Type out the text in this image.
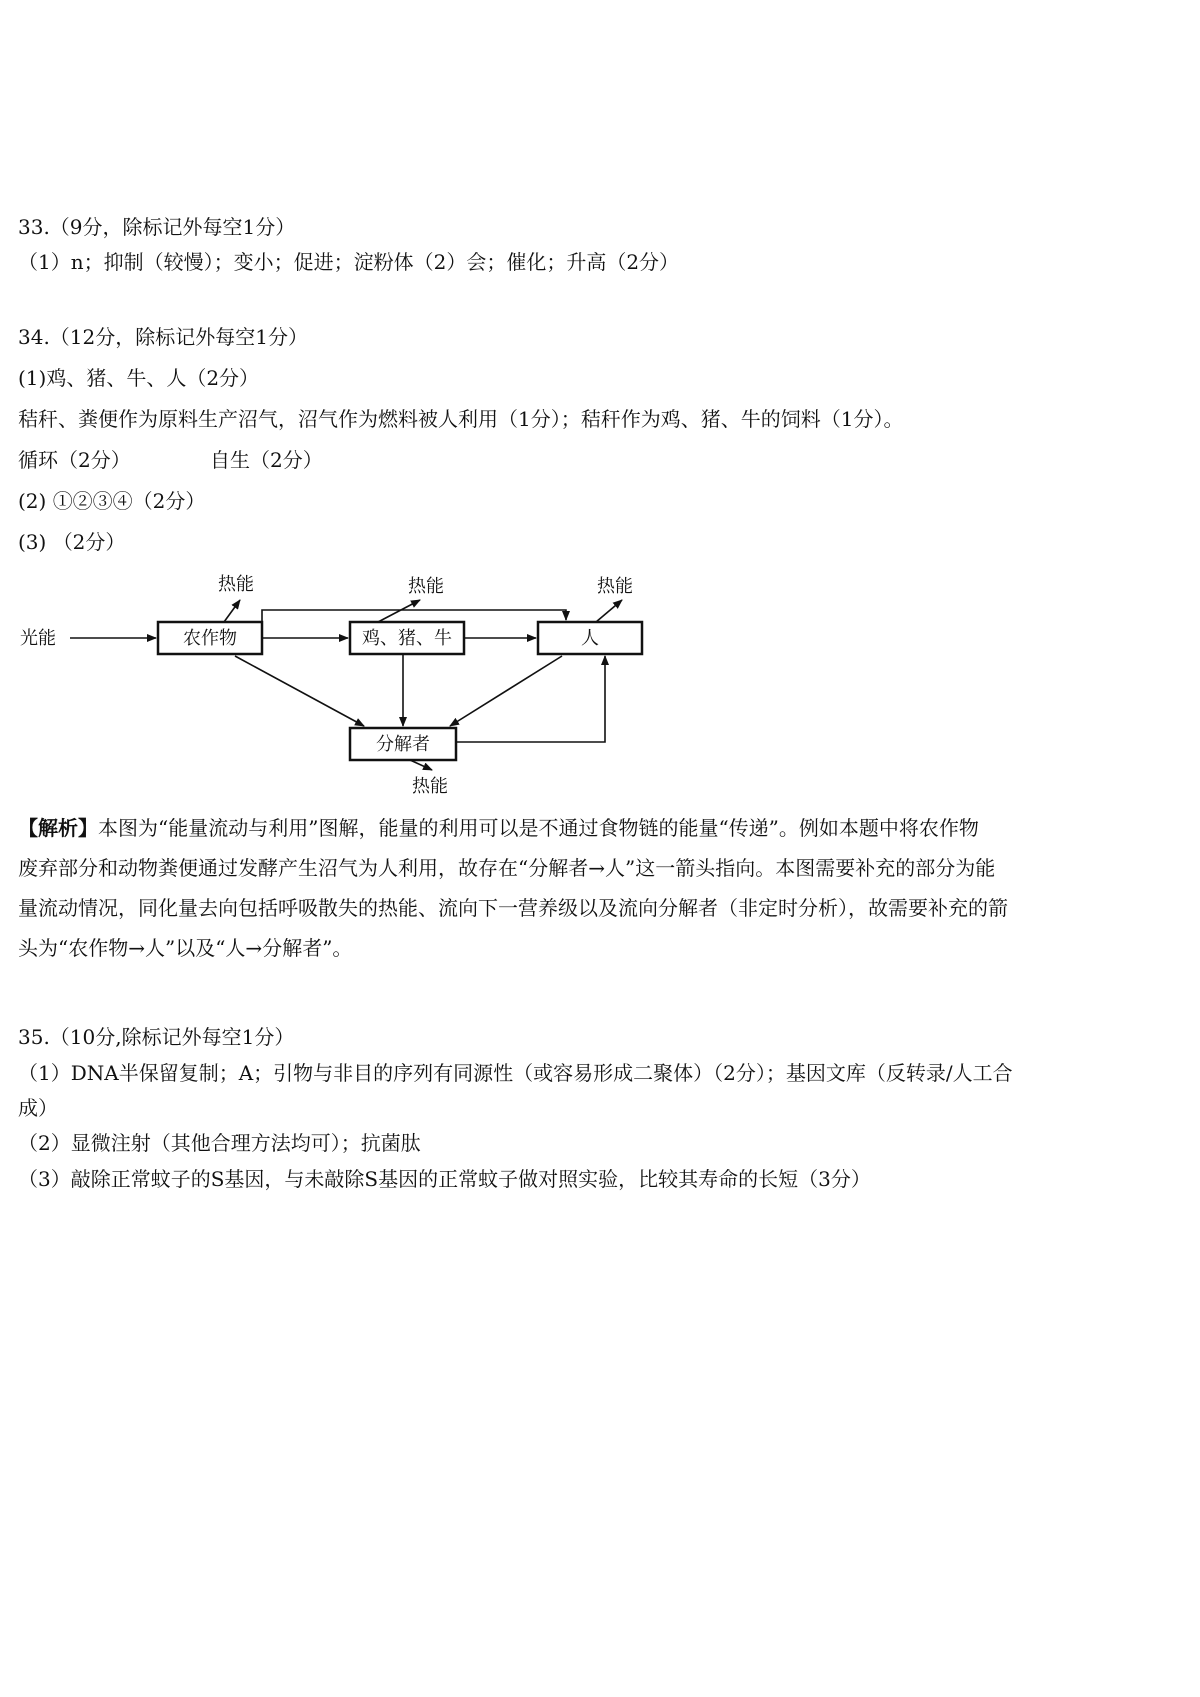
33.（9分，除标记外每空1分）
（1）n；抑制（较慢）；变小；促进；淀粉体（2）会；催化；升高（2分）
34.（12分，除标记外每空1分）
(1)鸡、猪、牛、人（2分）
秸秆、粪便作为原料生产沼气，沼气作为燃料被人利用（1分）；秸秆作为鸡、猪、牛的饲料（1分）。
循环（2分）	自生（2分）
(2) ①②③④（2分）
(3) （2分）
光能	农作物	鸡、猪、牛	人
分解者
热能	热能	热能
热能
【解析】本图为“能量流动与利用”图解，能量的利用可以是不通过食物链的能量“传递”。例如本题中将农作物
废弃部分和动物粪便通过发酵产生沼气为人利用，故存在“分解者→人”这一箭头指向。本图需要补充的部分为能
量流动情况，同化量去向包括呼吸散失的热能、流向下一营养级以及流向分解者（非定时分析），故需要补充的箭
头为“农作物→人”以及“人→分解者”。
35.（10分,除标记外每空1分）
（1）DNA半保留复制；A；引物与非目的序列有同源性（或容易形成二聚体）（2分）；基因文库（反转录/人工合
成）
（2）显微注射（其他合理方法均可）；抗菌肽
（3）敲除正常蚊子的S基因，与未敲除S基因的正常蚊子做对照实验，比较其寿命的长短（3分）
